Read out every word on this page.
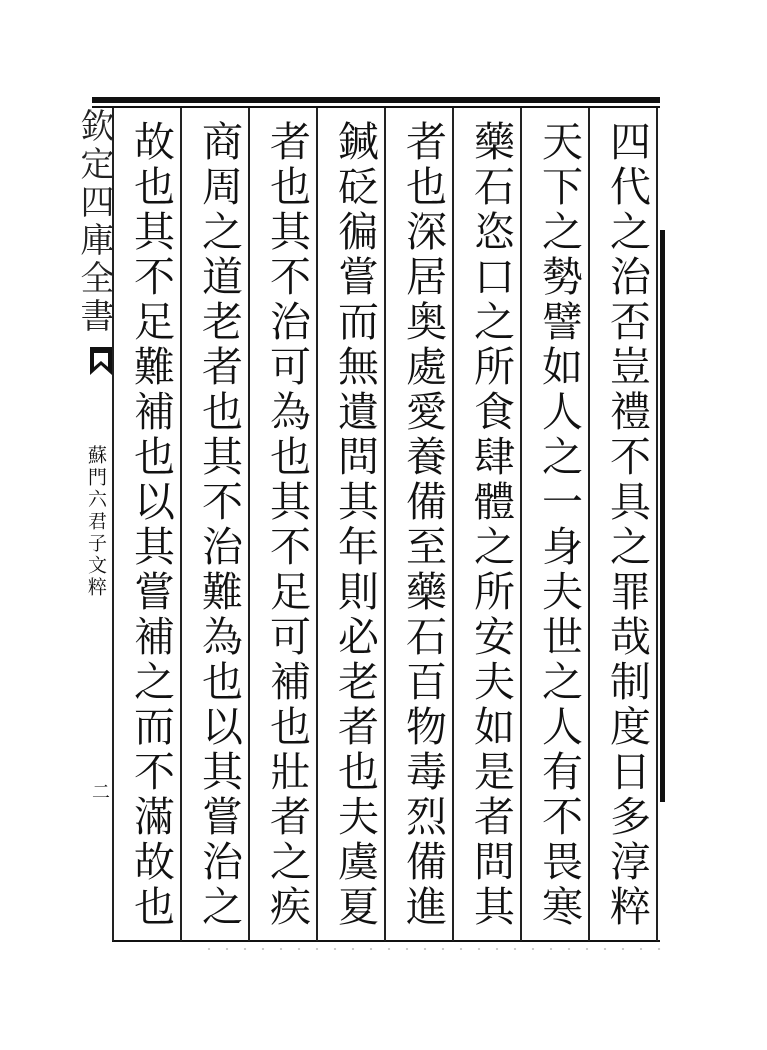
欽定四庫全書
蘇門六君子文粹
二
四代之治否豈禮不具之罪哉制度日多淳粹
天下之勢譬如人之一身夫世之人有不畏寒
藥石恣口之所食肆體之所安夫如是者問其
者也深居奥處愛養備至藥石百物毒烈備進
鍼砭徧嘗而無遺問其年則必老者也夫虞夏
者也其不治可為也其不足可補也壯者之疾
商周之道老者也其不治難為也以其嘗治之
故也其不足難補也以其嘗補之而不滿故也
